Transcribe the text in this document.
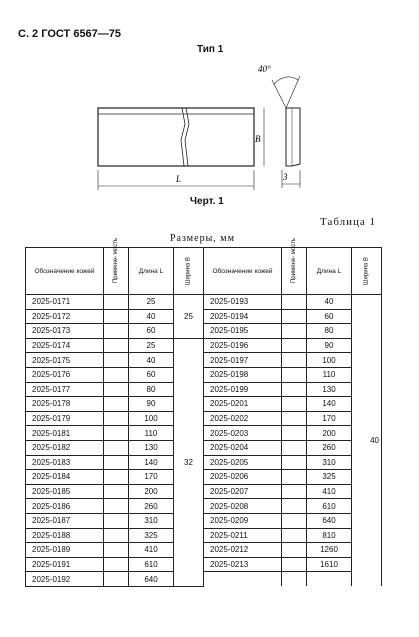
С. 2 ГОСТ 6567—75
Тип 1
40°
B
L	3
Черт. 1
Таблица 1
Размеры, мм
Обозначение кожей	Примене- мость	Длина L	Ширина B	Обозначение кожей	Примене- мость	Длина L	Ширина B

2025-0171		25	25	2025-0193		40	40
2025-0172		40		2025-0194		60	
2025-0173		60		2025-0195		80	
2025-0174		25	32	2025-0196		90	
2025-0175		40		2025-0197		100	
2025-0176		60		2025-0198		110	
2025-0177		80		2025-0199		130	
2025-0178		90		2025-0201		140	
2025-0179		100		2025-0202		170	
2025-0181		110		2025-0203		200	
2025-0182		130		2025-0204		260	
2025-0183		140		2025-0205		310	
2025-0184		170		2025-0206		325	
2025-0185		200		2025-0207		410	
2025-0186		260		2025-0208		610	
2025-0187		310		2025-0209		640	
2025-0188		325		2025-0211		810	
2025-0189		410		2025-0212		1260	
2025-0191		610		2025-0213		1610	
2025-0192		640					
